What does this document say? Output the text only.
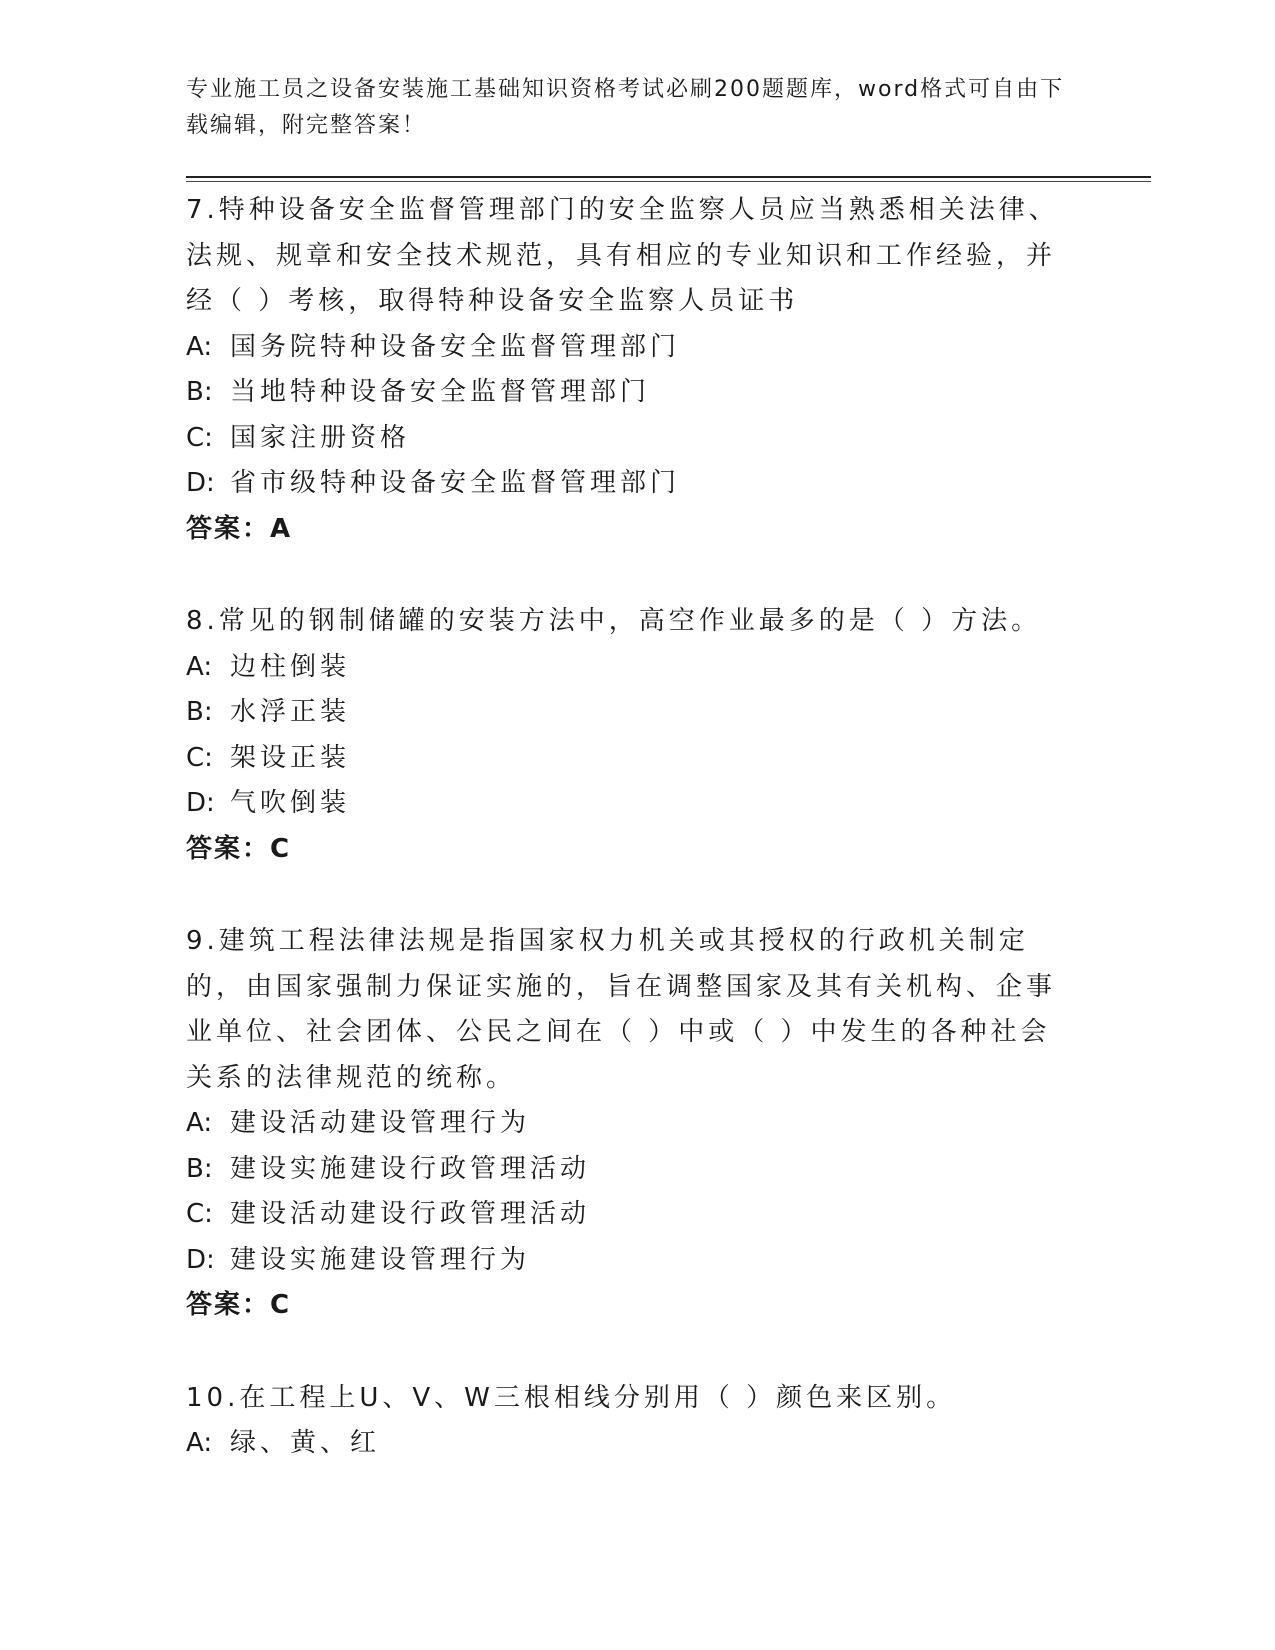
专业施工员之设备安装施工基础知识资格考试必刷200题题库，word格式可自由下载编辑，附完整答案！

7.特种设备安全监督管理部门的安全监察人员应当熟悉相关法律、法规、规章和安全技术规范，具有相应的专业知识和工作经验，并经（ ）考核，取得特种设备安全监察人员证书

A: 国务院特种设备安全监督管理部门

B: 当地特种设备安全监督管理部门

C: 国家注册资格

D: 省市级特种设备安全监督管理部门

答案：A

8.常见的钢制储罐的安装方法中，高空作业最多的是（ ）方法。

A: 边柱倒装

B: 水浮正装

C: 架设正装

D: 气吹倒装

答案：C

9.建筑工程法律法规是指国家权力机关或其授权的行政机关制定的，由国家强制力保证实施的，旨在调整国家及其有关机构、企事业单位、社会团体、公民之间在（ ）中或（ ）中发生的各种社会关系的法律规范的统称。

A: 建设活动建设管理行为

B: 建设实施建设行政管理活动

C: 建设活动建设行政管理活动

D: 建设实施建设管理行为

答案：C

10.在工程上U、V、W三根相线分别用（ ）颜色来区别。

A: 绿、黄、红
